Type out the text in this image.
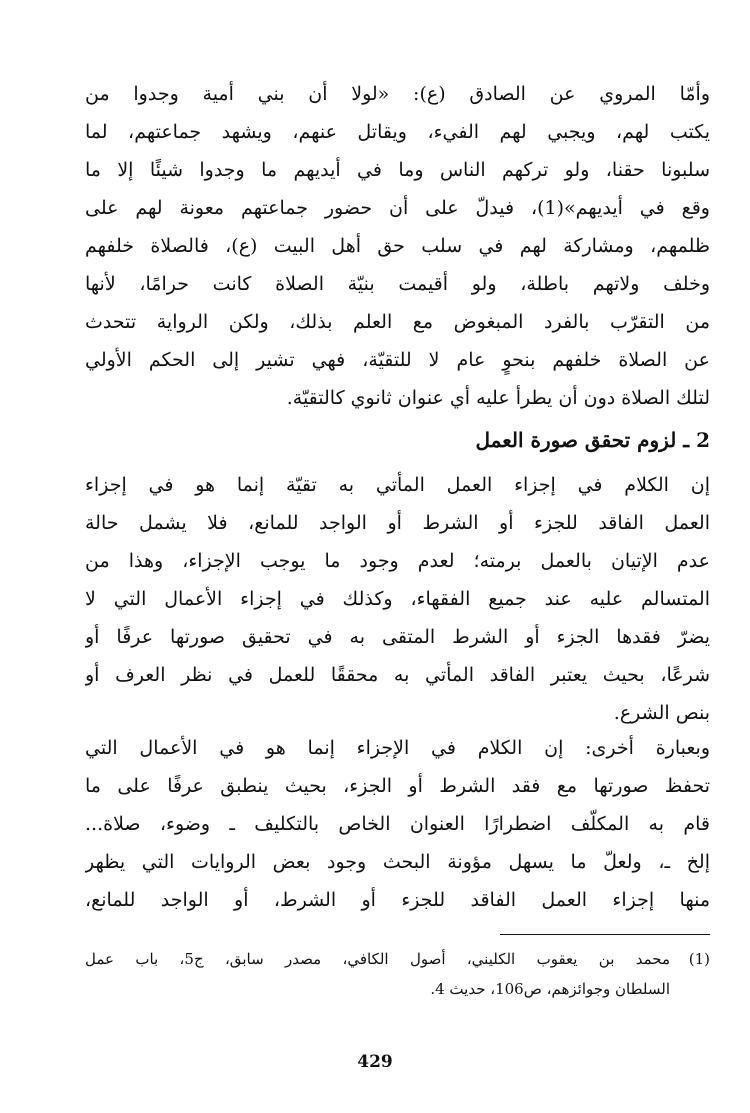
وأمّا المروي عن الصادق (ع): «لولا أن بني أمية وجدوا من
يكتب لهم، ويجبي لهم الفيء، ويقاتل عنهم، ويشهد جماعتهم، لما
سلبونا حقنا، ولو تركهم الناس وما في أيديهم ما وجدوا شيئًا إلا ما
وقع في أيديهم»(1)، فيدلّ على أن حضور جماعتهم معونة لهم على
ظلمهم، ومشاركة لهم في سلب حق أهل البيت (ع)، فالصلاة خلفهم
وخلف ولاتهم باطلة، ولو أقيمت بنيّة الصلاة كانت حرامًا، لأنها
من التقرّب بالفرد المبغوض مع العلم بذلك، ولكن الرواية تتحدث
عن الصلاة خلفهم بنحوٍ عام لا للتقيّة، فهي تشير إلى الحكم الأولي
لتلك الصلاة دون أن يطرأ عليه أي عنوان ثانوي كالتقيّة.
2 ـ لزوم تحقق صورة العمل
إن الكلام في إجزاء العمل المأتي به تقيّة إنما هو في إجزاء
العمل الفاقد للجزء أو الشرط أو الواجد للمانع، فلا يشمل حالة
عدم الإتيان بالعمل برمته؛ لعدم وجود ما يوجب الإجزاء، وهذا من
المتسالم عليه عند جميع الفقهاء، وكذلك في إجزاء الأعمال التي لا
يضرّ فقدها الجزء أو الشرط المتقى به في تحقيق صورتها عرفًا أو
شرعًا، بحيث يعتبر الفاقد المأتي به محققًا للعمل في نظر العرف أو
بنص الشرع.
وبعبارة أخرى: إن الكلام في الإجزاء إنما هو في الأعمال التي
تحفظ صورتها مع فقد الشرط أو الجزء، بحيث ينطبق عرفًا على ما
قام به المكلّف اضطرارًا العنوان الخاص بالتكليف ـ وضوء، صلاة...
إلخ ـ، ولعلّ ما يسهل مؤونة البحث وجود بعض الروايات التي يظهر
منها إجزاء العمل الفاقد للجزء أو الشرط، أو الواجد للمانع،
(1)محمد بن يعقوب الكليني، أصول الكافي، مصدر سابق، ج5، باب عمل
السلطان وجوائزهم، ص106، حديث 4.
429
